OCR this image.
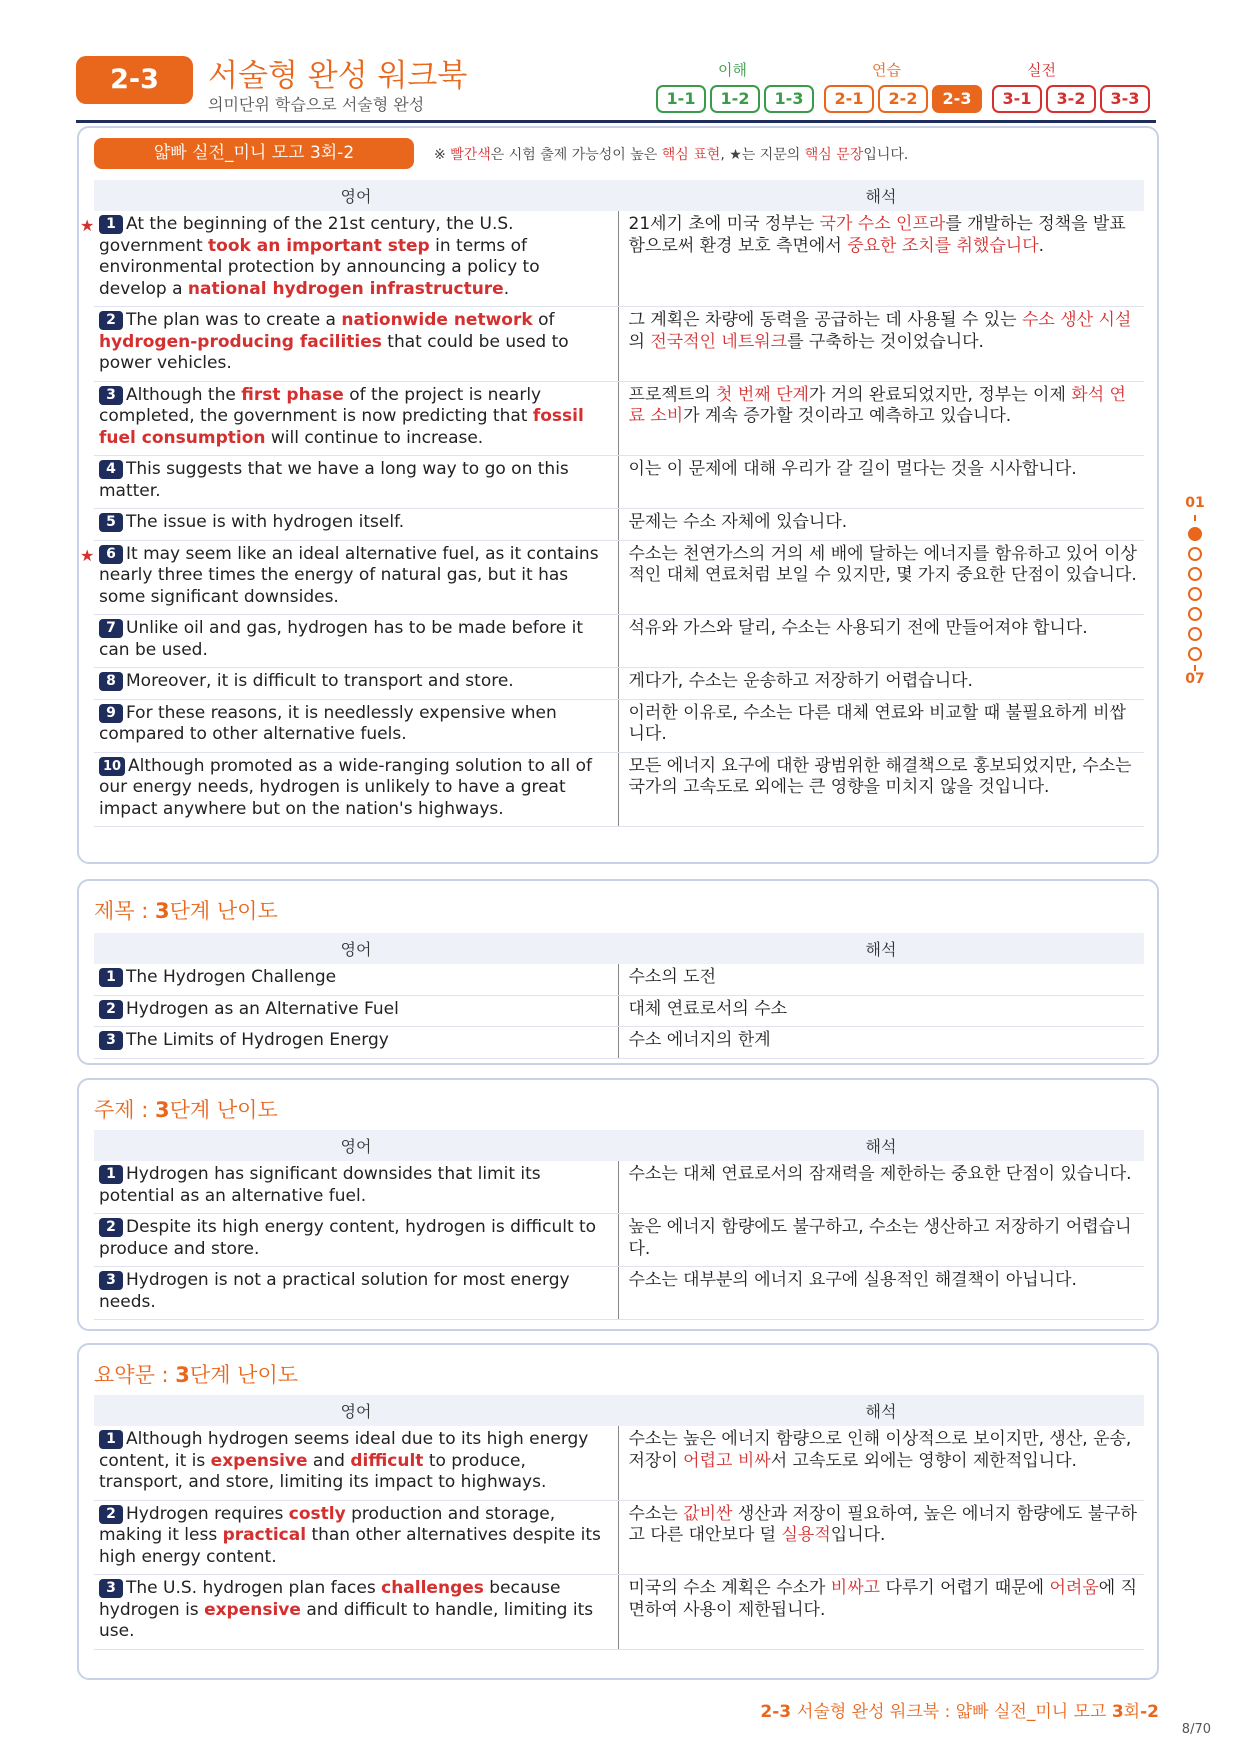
2-3	서술형 완성 워크북
의미단위 학습으로 서술형 완성
이해	연습	실전
1-1	1-2	1-3	2-1	2-2	2-3	3-1	3-2	3-3
얇빠 실전_미니 모고 3회-2	※ 빨간색은 시험 출제 가능성이 높은 핵심 표현, ★는 지문의 핵심 문장입니다.
영어	해석

★ 1 At the beginning of the 21st century, the U.S. government took an important step in terms of environmental protection by announcing a policy to develop a national hydrogen infrastructure.	21세기 초에 미국 정부는 국가 수소 인프라를 개발하는 정책을 발표함으로써 환경 보호 측면에서 중요한 조치를 취했습니다.
2 The plan was to create a nationwide network of hydrogen-producing facilities that could be used to power vehicles.	그 계획은 차량에 동력을 공급하는 데 사용될 수 있는 수소 생산 시설의 전국적인 네트워크를 구축하는 것이었습니다.
3 Although the first phase of the project is nearly completed, the government is now predicting that fossil fuel consumption will continue to increase.	프로젝트의 첫 번째 단계가 거의 완료되었지만, 정부는 이제 화석 연료 소비가 계속 증가할 것이라고 예측하고 있습니다.
4 This suggests that we have a long way to go on this matter.	이는 이 문제에 대해 우리가 갈 길이 멀다는 것을 시사합니다.
5 The issue is with hydrogen itself.	문제는 수소 자체에 있습니다.

★ 6 It may seem like an ideal alternative fuel, as it contains nearly three times the energy of natural gas, but it has some significant downsides.	수소는 천연가스의 거의 세 배에 달하는 에너지를 함유하고 있어 이상적인 대체 연료처럼 보일 수 있지만, 몇 가지 중요한 단점이 있습니다.
7 Unlike oil and gas, hydrogen has to be made before it can be used.	석유와 가스와 달리, 수소는 사용되기 전에 만들어져야 합니다.
8 Moreover, it is difficult to transport and store.	게다가, 수소는 운송하고 저장하기 어렵습니다.
9 For these reasons, it is needlessly expensive when compared to other alternative fuels.	이러한 이유로, 수소는 다른 대체 연료와 비교할 때 불필요하게 비쌉니다.
10 Although promoted as a wide-ranging solution to all of our energy needs, hydrogen is unlikely to have a great impact anywhere but on the nation's highways.	모든 에너지 요구에 대한 광범위한 해결책으로 홍보되었지만, 수소는 국가의 고속도로 외에는 큰 영향을 미치지 않을 것입니다.
제목 : 3단계 난이도
영어	해석
1 The Hydrogen Challenge	수소의 도전
2 Hydrogen as an Alternative Fuel	대체 연료로서의 수소
3 The Limits of Hydrogen Energy	수소 에너지의 한계
주제 : 3단계 난이도
영어	해석
1 Hydrogen has significant downsides that limit its potential as an alternative fuel.	수소는 대체 연료로서의 잠재력을 제한하는 중요한 단점이 있습니다.
2 Despite its high energy content, hydrogen is difficult to produce and store.	높은 에너지 함량에도 불구하고, 수소는 생산하고 저장하기 어렵습니다.
3 Hydrogen is not a practical solution for most energy needs.	수소는 대부분의 에너지 요구에 실용적인 해결책이 아닙니다.
요약문 : 3단계 난이도
영어	해석
1 Although hydrogen seems ideal due to its high energy content, it is expensive and difficult to produce, transport, and store, limiting its impact to highways.	수소는 높은 에너지 함량으로 인해 이상적으로 보이지만, 생산, 운송, 저장이 어렵고 비싸서 고속도로 외에는 영향이 제한적입니다.
2 Hydrogen requires costly production and storage, making it less practical than other alternatives despite its high energy content.	수소는 값비싼 생산과 저장이 필요하여, 높은 에너지 함량에도 불구하고 다른 대안보다 덜 실용적입니다.
3 The U.S. hydrogen plan faces challenges because hydrogen is expensive and difficult to handle, limiting its use.	미국의 수소 계획은 수소가 비싸고 다루기 어렵기 때문에 어려움에 직면하여 사용이 제한됩니다.
01
07
2-3 서술형 완성 워크북 : 얇빠 실전_미니 모고 3회-2
8/70
